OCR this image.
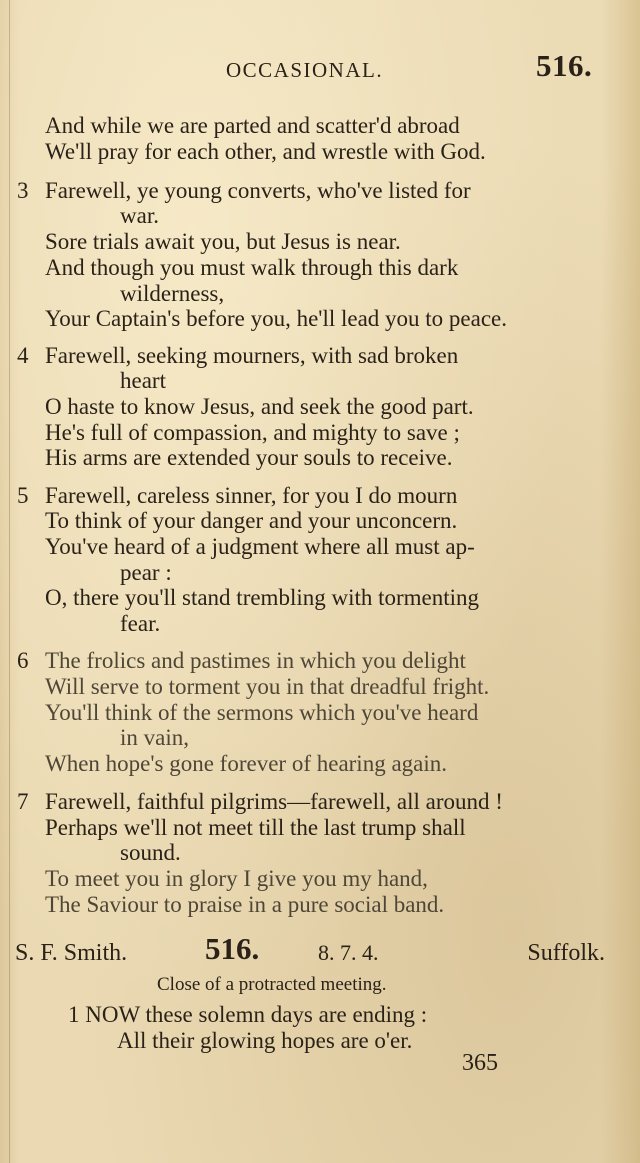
OCCASIONAL.	516.
And while we are parted and scatter'd abroad
We'll pray for each other, and wrestle with God.
3 Farewell, ye young converts, who've listed for
war.
Sore trials await you, but Jesus is near.
And though you must walk through this dark
wilderness,
Your Captain's before you, he'll lead you to peace.
4 Farewell, seeking mourners, with sad broken
heart
O haste to know Jesus, and seek the good part.
He's full of compassion, and mighty to save ;
His arms are extended your souls to receive.
5 Farewell, careless sinner, for you I do mourn
To think of your danger and your unconcern.
You've heard of a judgment where all must ap-
pear :
O, there you'll stand trembling with tormenting
fear.
6 The frolics and pastimes in which you delight
Will serve to torment you in that dreadful fright.
You'll think of the sermons which you've heard
in vain,
When hope's gone forever of hearing again.
7 Farewell, faithful pilgrims—farewell, all around !
Perhaps we'll not meet till the last trump shall
sound.
To meet you in glory I give you my hand,
The Saviour to praise in a pure social band.
S. F. Smith.	516.	8. 7. 4.	Suffolk.
Close of a protracted meeting.
1 NOW these solemn days are ending :
All their glowing hopes are o'er.
365
